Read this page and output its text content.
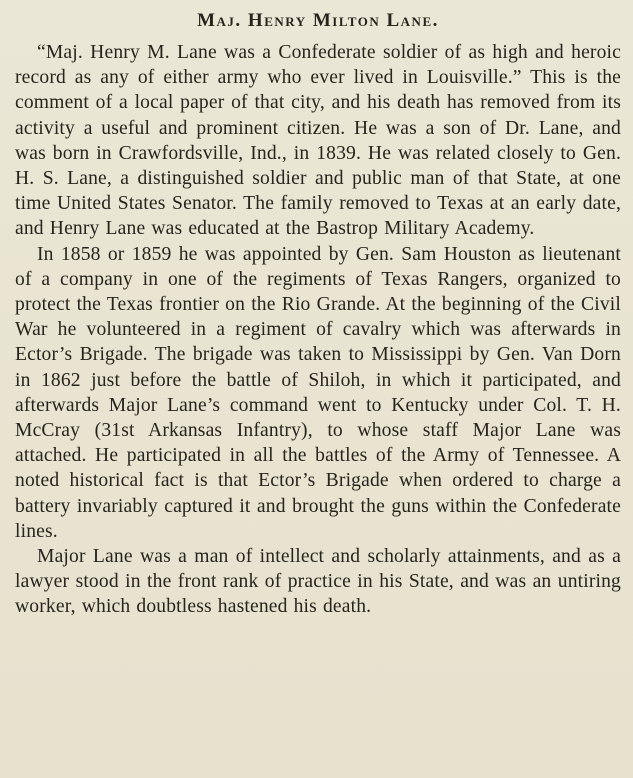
Maj. Henry Milton Lane.

“Maj. Henry M. Lane was a Confederate soldier of as high and heroic record as any of either army who ever lived in Louisville.” This is the comment of a local paper of that city, and his death has removed from its activity a useful and prominent citizen. He was a son of Dr. Lane, and was born in Crawfordsville, Ind., in 1839. He was related closely to Gen. H. S. Lane, a distinguished soldier and public man of that State, at one time United States Senator. The family removed to Texas at an early date, and Henry Lane was educated at the Bastrop Military Academy.

In 1858 or 1859 he was appointed by Gen. Sam Houston as lieutenant of a company in one of the regiments of Texas Rangers, organized to protect the Texas frontier on the Rio Grande. At the beginning of the Civil War he volunteered in a regiment of cavalry which was afterwards in Ector’s Brigade. The brigade was taken to Mississippi by Gen. Van Dorn in 1862 just before the battle of Shiloh, in which it participated, and afterwards Major Lane’s command went to Kentucky under Col. T. H. McCray (31st Arkansas Infantry), to whose staff Major Lane was attached. He participated in all the battles of the Army of Tennessee. A noted historical fact is that Ector’s Brigade when ordered to charge a battery invariably captured it and brought the guns within the Confederate lines.

Major Lane was a man of intellect and scholarly attainments, and as a lawyer stood in the front rank of practice in his State, and was an untiring worker, which doubtless hastened his death.
